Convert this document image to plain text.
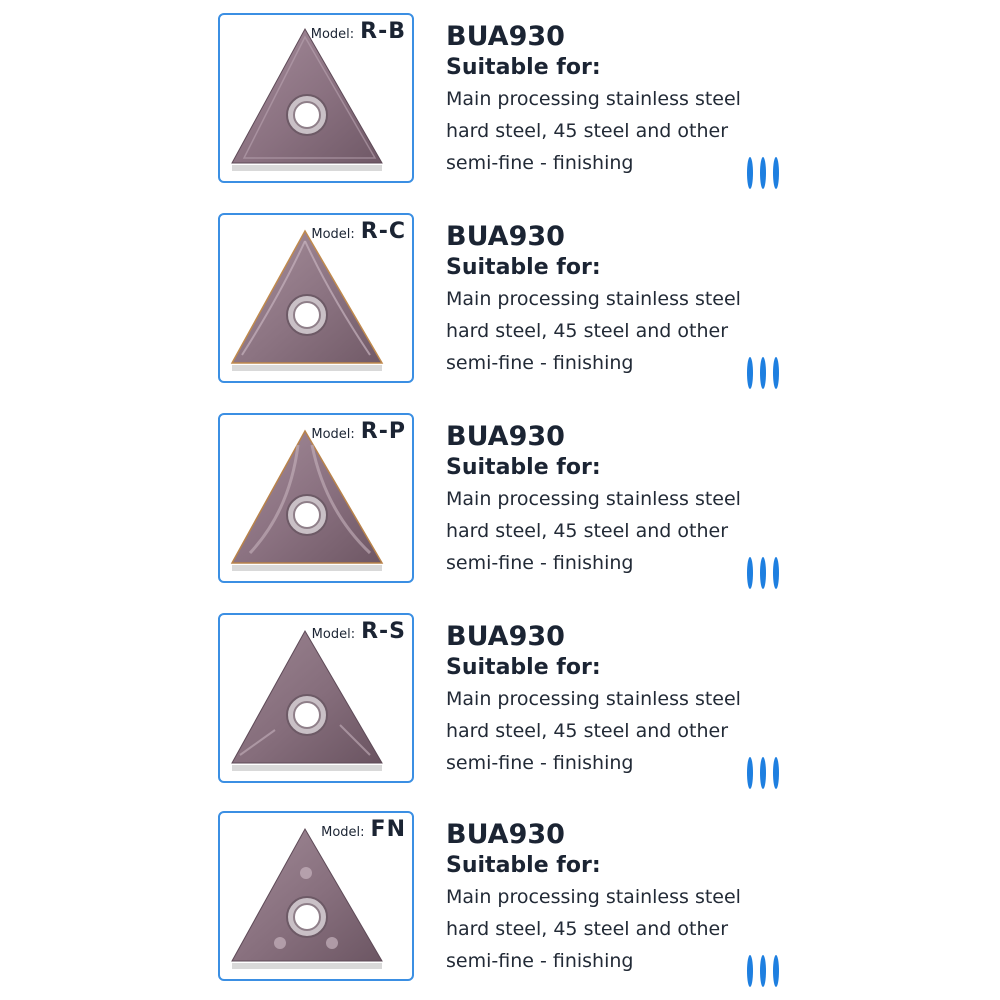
Model: R-B BUA930
Suitable for:
Main processing stainless steel
hard steel, 45 steel and other
semi-fine - finishing
Model: R-C BUA930
Suitable for:
Main processing stainless steel
hard steel, 45 steel and other
semi-fine - finishing
Model: R-P BUA930
Suitable for:
Main processing stainless steel
hard steel, 45 steel and other
semi-fine - finishing
Model: R-S BUA930
Suitable for:
Main processing stainless steel
hard steel, 45 steel and other
semi-fine - finishing
Model: FN BUA930
Suitable for:
Main processing stainless steel
hard steel, 45 steel and other
semi-fine - finishing
